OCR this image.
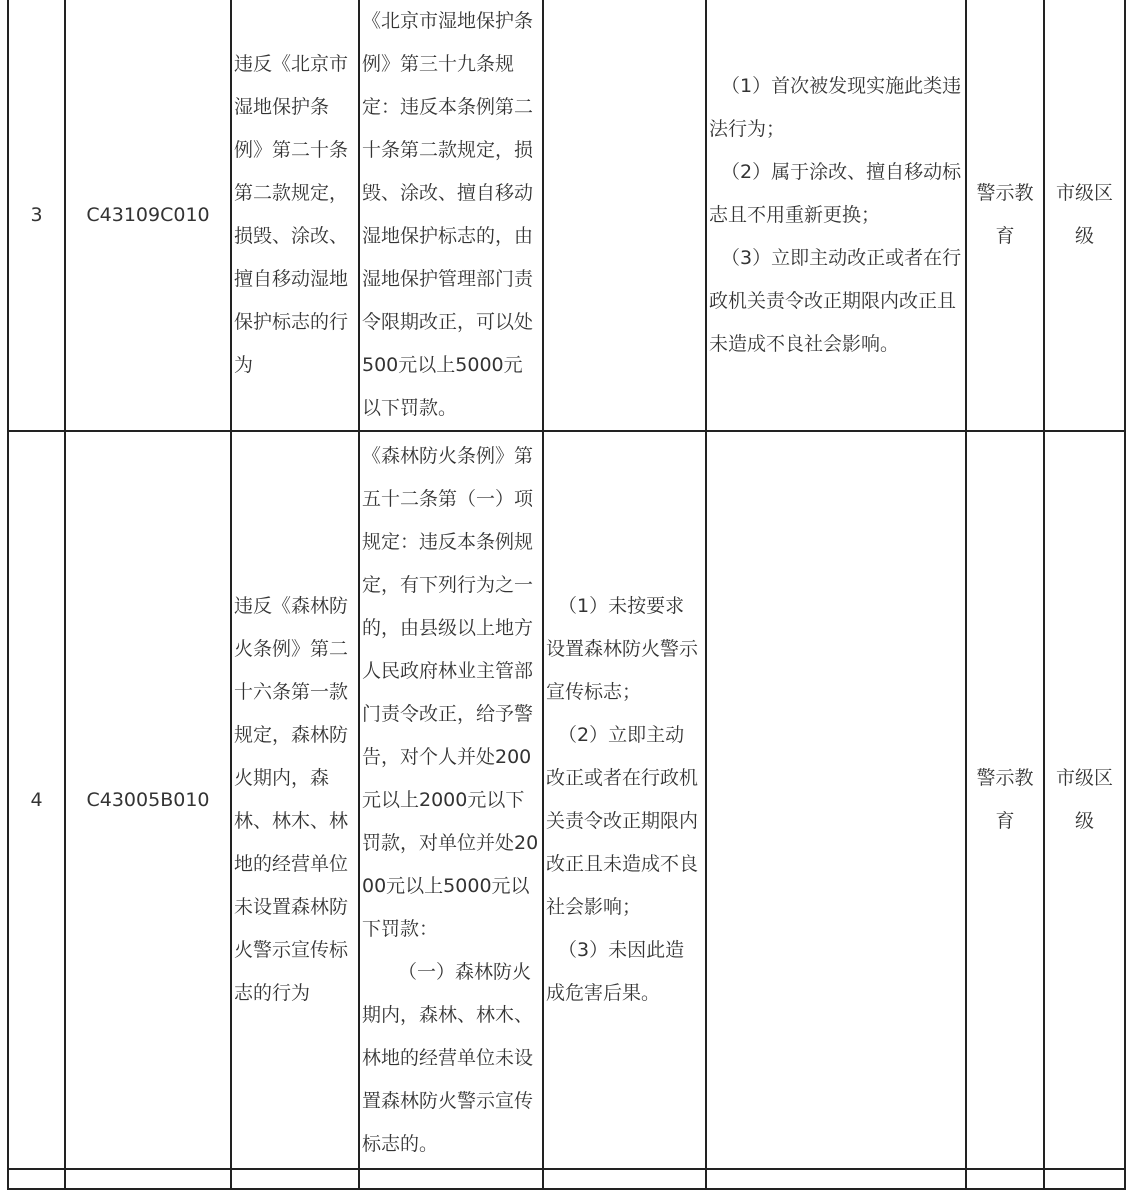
3	C43109C010	违反《北京市湿地保护条例》第二十条第二款规定，损毁、涂改、擅自移动湿地保护标志的行为	《北京市湿地保护条例》第三十九条规定：违反本条例第二十条第二款规定，损毁、涂改、擅自移动湿地保护标志的，由湿地保护管理部门责令限期改正，可以处500元以上5000元以下罚款。		（1）首次被发现实施此类违法行为；
（2）属于涂改、擅自移动标志且不用重新更换；
（3）立即主动改正或者在行政机关责令改正期限内改正且未造成不良社会影响。	警示教育	市级区级
4	C43005B010	违反《森林防火条例》第二十六条第一款规定，森林防火期内，森林、林木、林地的经营单位未设置森林防火警示宣传标志的行为	《森林防火条例》第五十二条第（一）项规定：违反本条例规定，有下列行为之一的，由县级以上地方人民政府林业主管部门责令改正，给予警告，对个人并处200元以上2000元以下罚款，对单位并处2000元以上5000元以下罚款：
（一）森林防火期内，森林、林木、林地的经营单位未设置森林防火警示宣传标志的。	（1）未按要求设置森林防火警示宣传标志；
（2）立即主动改正或者在行政机关责令改正期限内改正且未造成不良社会影响；
（3）未因此造成危害后果。		警示教育	市级区级
